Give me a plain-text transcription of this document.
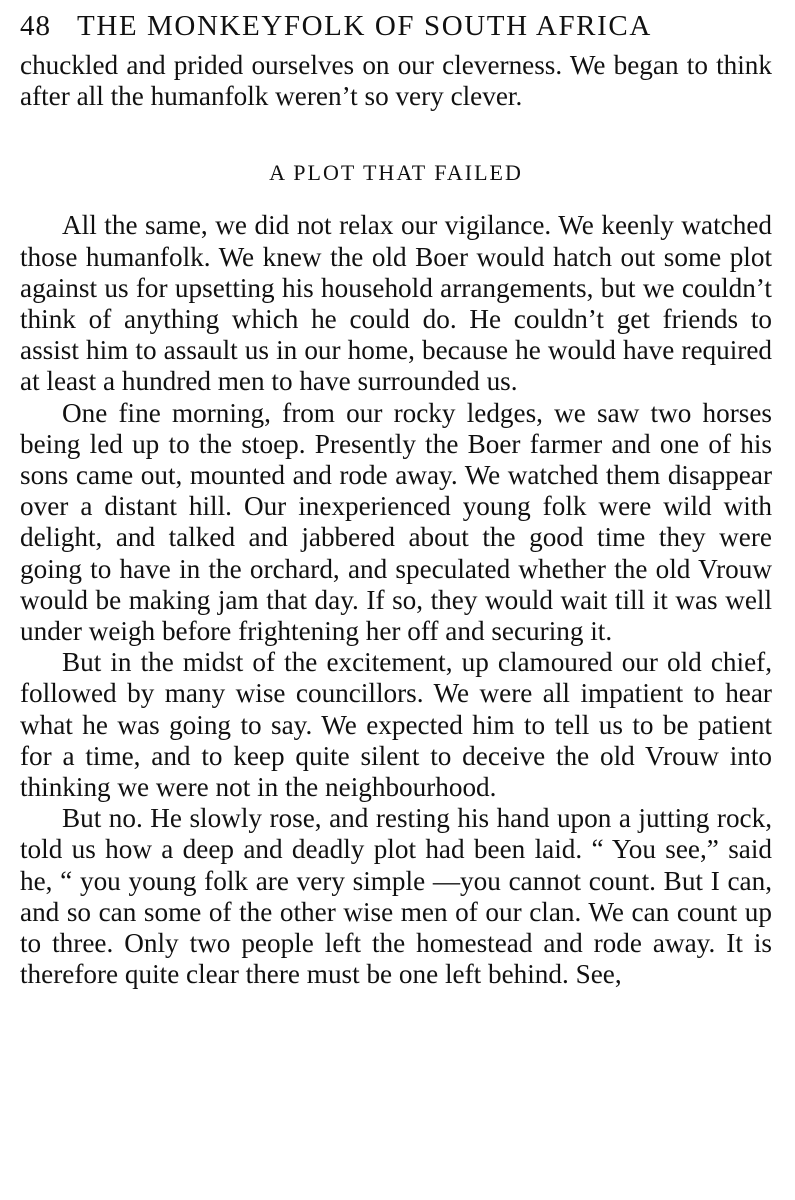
48 THE MONKEYFOLK OF SOUTH AFRICA

chuckled and prided ourselves on our cleverness. We began to think after all the humanfolk weren’t so very clever.

A PLOT THAT FAILED

All the same, we did not relax our vigilance. We keenly watched those humanfolk. We knew the old Boer would hatch out some plot against us for upsetting his household arrangements, but we couldn’t think of anything which he could do. He couldn’t get friends to assist him to assault us in our home, because he would have required at least a hundred men to have surrounded us.

One fine morning, from our rocky ledges, we saw two horses being led up to the stoep. Presently the Boer farmer and one of his sons came out, mounted and rode away. We watched them disappear over a distant hill. Our inexperienced young folk were wild with delight, and talked and jabbered about the good time they were going to have in the orchard, and speculated whether the old Vrouw would be making jam that day. If so, they would wait till it was well under weigh before frightening her off and securing it.

But in the midst of the excitement, up clamoured our old chief, followed by many wise councillors. We were all impatient to hear what he was going to say. We expected him to tell us to be patient for a time, and to keep quite silent to deceive the old Vrouw into thinking we were not in the neighbourhood.

But no. He slowly rose, and resting his hand upon a jutting rock, told us how a deep and deadly plot had been laid. “ You see,” said he, “ you young folk are very simple —you cannot count. But I can, and so can some of the other wise men of our clan. We can count up to three. Only two people left the homestead and rode away. It is therefore quite clear there must be one left behind. See,
